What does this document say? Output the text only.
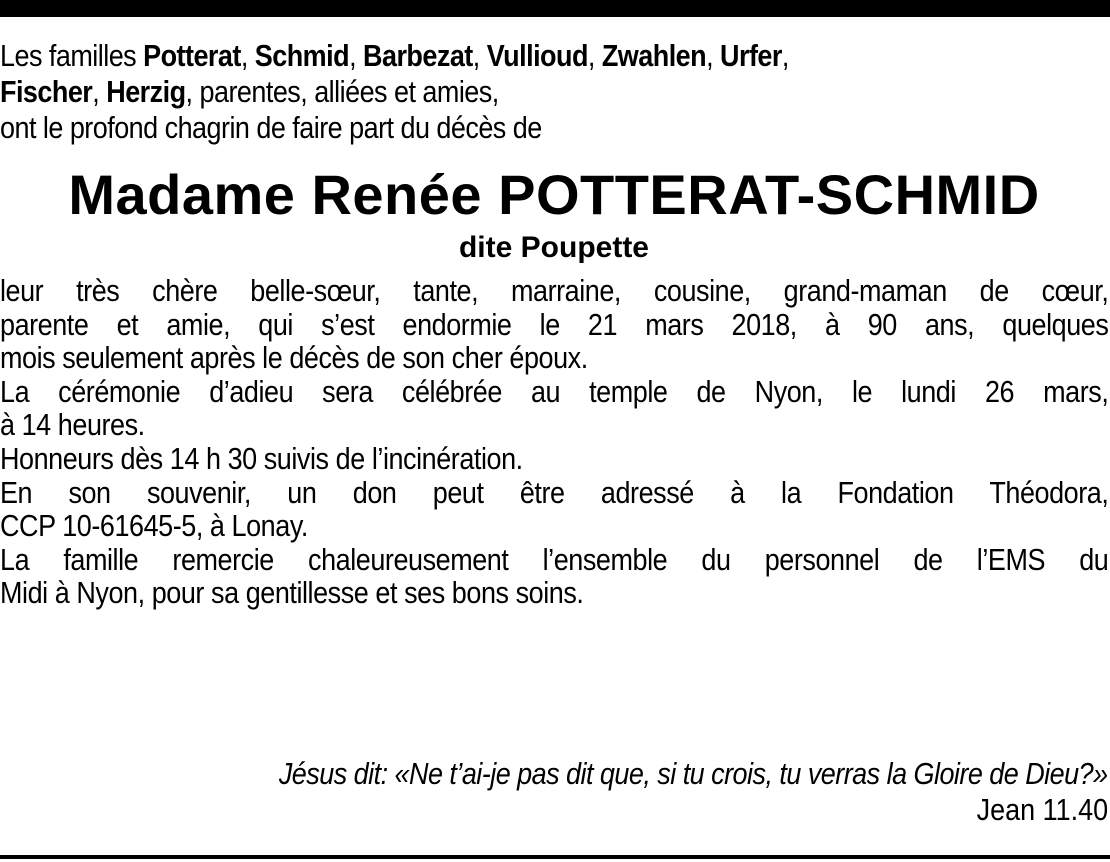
Les familles Potterat, Schmid, Barbezat, Vullioud, Zwahlen, Urfer,
Fischer, Herzig, parentes, alliées et amies,
ont le profond chagrin de faire part du décès de
Madame Renée POTTERAT-SCHMID
dite Poupette
leur très chère belle-sœur, tante, marraine, cousine, grand-maman de cœur,
parente et amie, qui s’est endormie le 21 mars 2018, à 90 ans, quelques
mois seulement après le décès de son cher époux.
La cérémonie d’adieu sera célébrée au temple de Nyon, le lundi 26 mars,
à 14 heures.
Honneurs dès 14 h 30 suivis de l’incinération.
En son souvenir, un don peut être adressé à la Fondation Théodora,
CCP 10-61645-5, à Lonay.
La famille remercie chaleureusement l’ensemble du personnel de l’EMS du
Midi à Nyon, pour sa gentillesse et ses bons soins.
Jésus dit: «Ne t’ai-je pas dit que, si tu crois, tu verras la Gloire de Dieu?»
Jean 11.40
